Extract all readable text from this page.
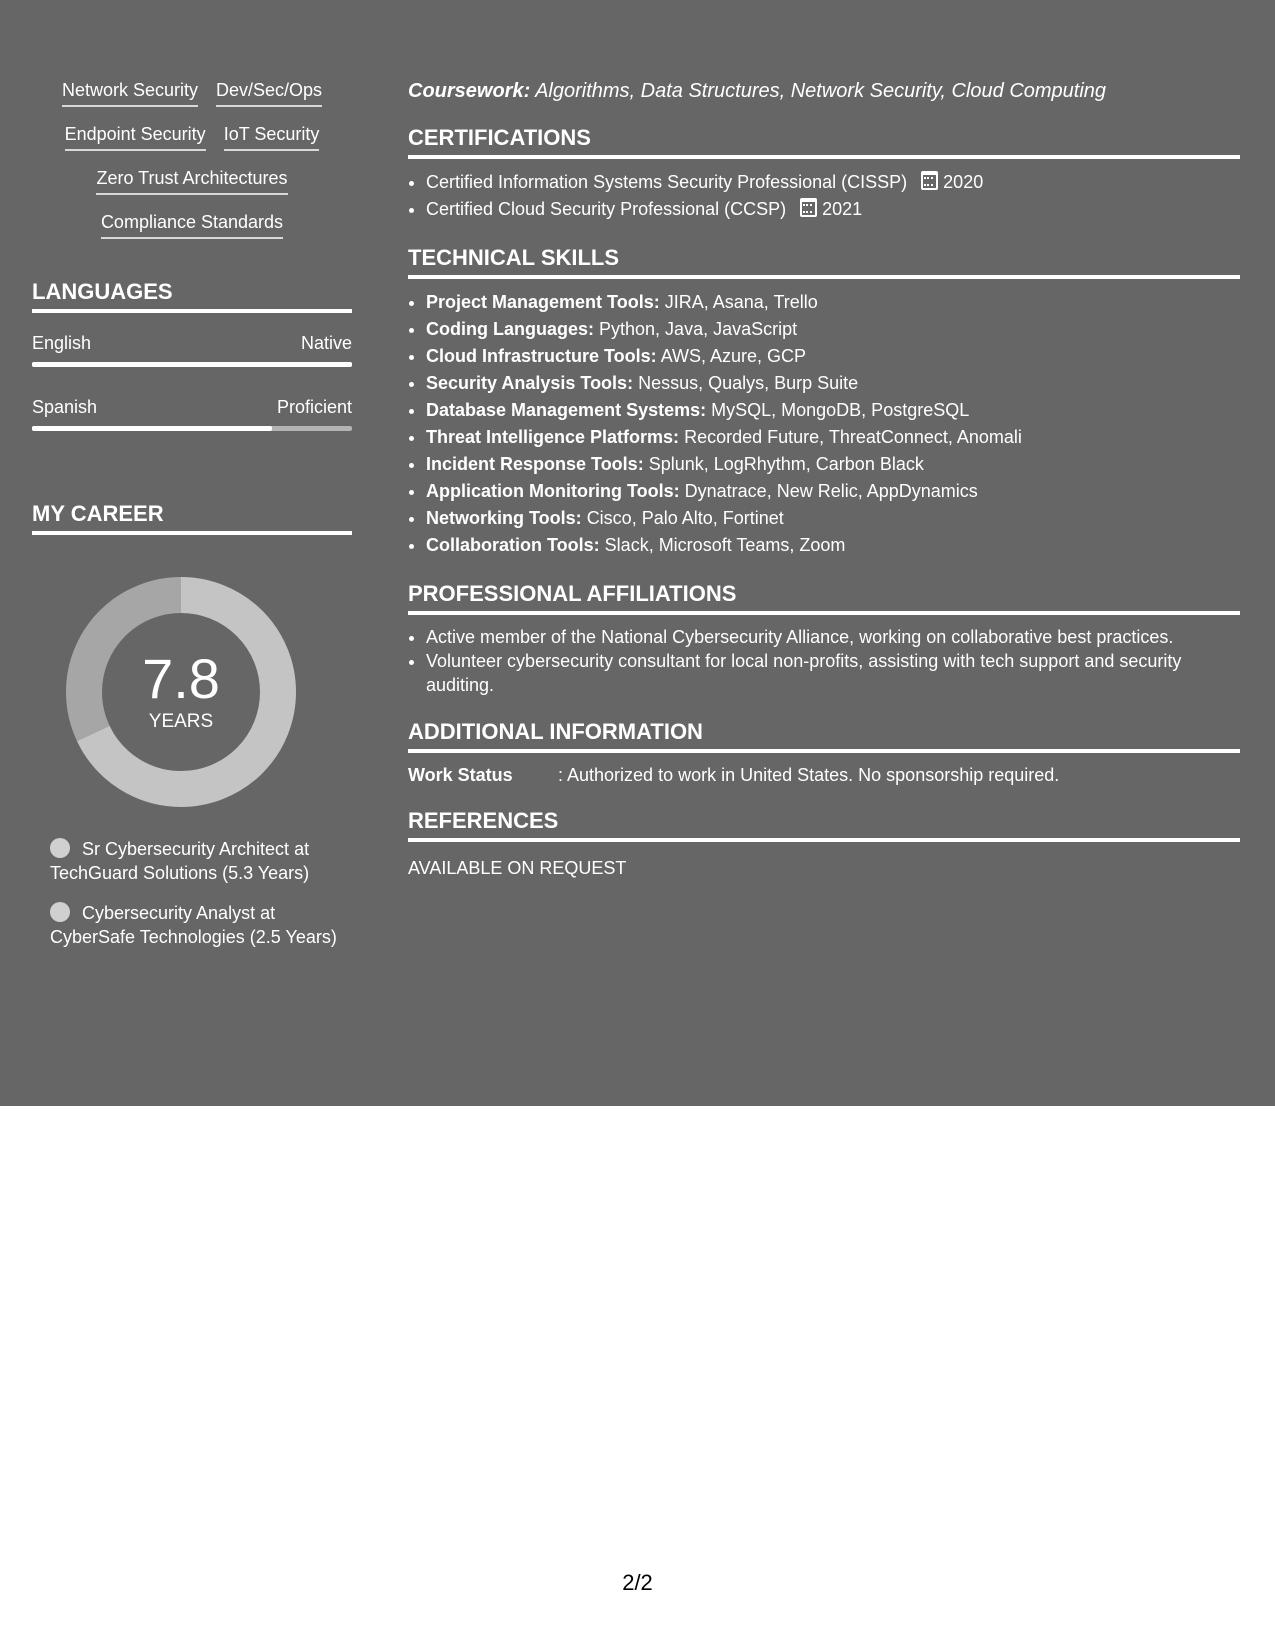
Network Security Dev/Sec/Ops
Endpoint Security IoT Security
Zero Trust Architectures
Compliance Standards
LANGUAGES
English	Native
Spanish	Proficient
MY CAREER
7.8
YEARS
Sr Cybersecurity Architect at TechGuard Solutions (5.3 Years)
Cybersecurity Analyst at CyberSafe Technologies (2.5 Years)

Coursework: Algorithms, Data Structures, Network Security, Cloud Computing

CERTIFICATIONS
• Certified Information Systems Security Professional (CISSP) 2020
• Certified Cloud Security Professional (CCSP) 2021
TECHNICAL SKILLS
• Project Management Tools: JIRA, Asana, Trello
• Coding Languages: Python, Java, JavaScript
• Cloud Infrastructure Tools: AWS, Azure, GCP
• Security Analysis Tools: Nessus, Qualys, Burp Suite
• Database Management Systems: MySQL, MongoDB, PostgreSQL
• Threat Intelligence Platforms: Recorded Future, ThreatConnect, Anomali
• Incident Response Tools: Splunk, LogRhythm, Carbon Black
• Application Monitoring Tools: Dynatrace, New Relic, AppDynamics
• Networking Tools: Cisco, Palo Alto, Fortinet
• Collaboration Tools: Slack, Microsoft Teams, Zoom
PROFESSIONAL AFFILIATIONS
• Active member of the National Cybersecurity Alliance, working on collaborative best practices.
• Volunteer cybersecurity consultant for local non-profits, assisting with tech support and security auditing.
ADDITIONAL INFORMATION
Work Status	: Authorized to work in United States. No sponsorship required.
REFERENCES
AVAILABLE ON REQUEST
2/2
